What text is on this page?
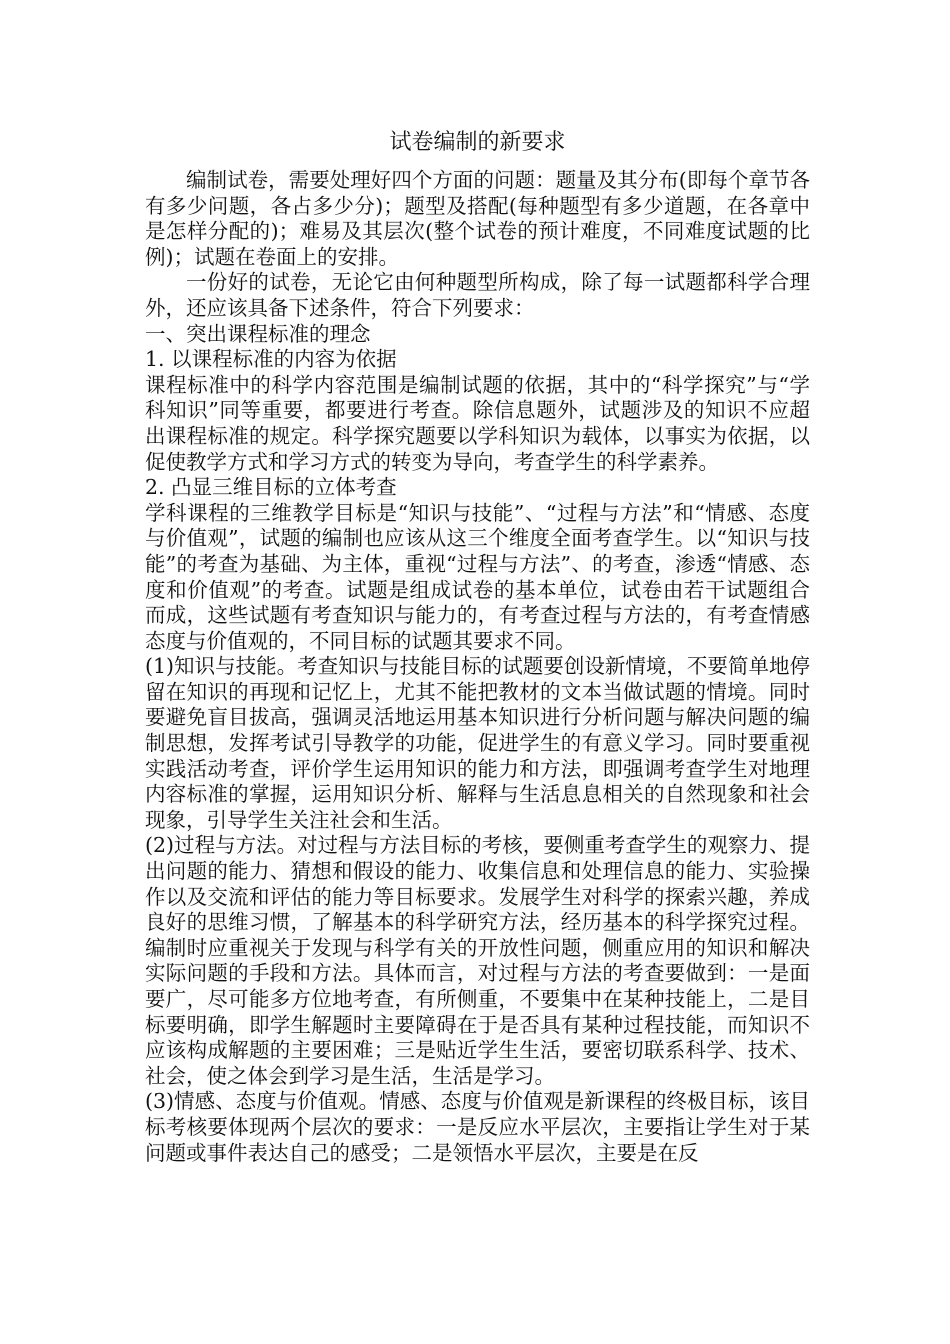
试卷编制的新要求

编制试卷，需要处理好四个方面的问题：题量及其分布(即每个章节各有多少问题，各占多少分)；题型及搭配(每种题型有多少道题，在各章中是怎样分配的)；难易及其层次(整个试卷的预计难度，不同难度试题的比例)；试题在卷面上的安排。

一份好的试卷，无论它由何种题型所构成，除了每一试题都科学合理外，还应该具备下述条件，符合下列要求：

一、突出课程标准的理念

1. 以课程标准的内容为依据

课程标准中的科学内容范围是编制试题的依据，其中的“科学探究”与“学科知识”同等重要，都要进行考查。除信息题外，试题涉及的知识不应超出课程标准的规定。科学探究题要以学科知识为载体，以事实为依据，以促使教学方式和学习方式的转变为导向，考查学生的科学素养。

2. 凸显三维目标的立体考查

学科课程的三维教学目标是“知识与技能”、“过程与方法”和“情感、态度与价值观”，试题的编制也应该从这三个维度全面考查学生。以“知识与技能”的考查为基础、为主体，重视“过程与方法”、的考查，渗透“情感、态度和价值观”的考查。试题是组成试卷的基本单位，试卷由若干试题组合而成，这些试题有考查知识与能力的，有考查过程与方法的，有考查情感态度与价值观的，不同目标的试题其要求不同。

(1)知识与技能。考查知识与技能目标的试题要创设新情境，不要简单地停留在知识的再现和记忆上，尤其不能把教材的文本当做试题的情境。同时要避免盲目拔高，强调灵活地运用基本知识进行分析问题与解决问题的编制思想，发挥考试引导教学的功能，促进学生的有意义学习。同时要重视实践活动考查，评价学生运用知识的能力和方法，即强调考查学生对地理内容标准的掌握，运用知识分析、解释与生活息息相关的自然现象和社会现象，引导学生关注社会和生活。

(2)过程与方法。对过程与方法目标的考核，要侧重考查学生的观察力、提出问题的能力、猜想和假设的能力、收集信息和处理信息的能力、实验操作以及交流和评估的能力等目标要求。发展学生对科学的探索兴趣，养成良好的思维习惯，了解基本的科学研究方法，经历基本的科学探究过程。编制时应重视关于发现与科学有关的开放性问题，侧重应用的知识和解决实际问题的手段和方法。具体而言，对过程与方法的考查要做到：一是面要广，尽可能多方位地考查，有所侧重，不要集中在某种技能上，二是目标要明确，即学生解题时主要障碍在于是否具有某种过程技能，而知识不应该构成解题的主要困难；三是贴近学生生活，要密切联系科学、技术、社会，使之体会到学习是生活，生活是学习。

(3)情感、态度与价值观。情感、态度与价值观是新课程的终极目标，该目标考核要体现两个层次的要求：一是反应水平层次，主要指让学生对于某问题或事件表达自己的感受；二是领悟水平层次，主要是在反
